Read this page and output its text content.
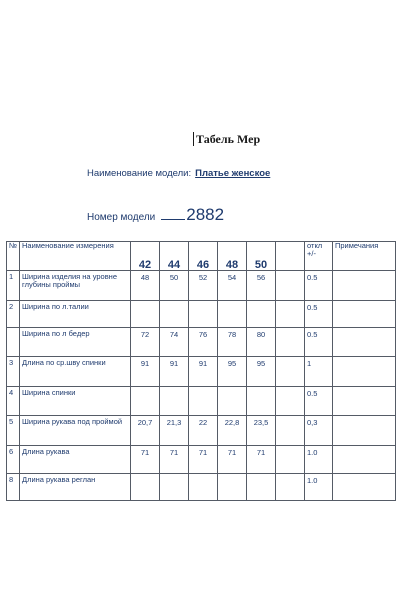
Табель Мер
Наименование модели: Платье женское
Номер модели 2882
№	Наименование измерения	42	44	46	48	50		откл +/-	Примечания
1	Ширина изделия на уровне глубины проймы	48	50	52	54	56		0.5	
2	Ширина по л.талии							0.5	
	Ширина по л бедер	72	74	76	78	80		0.5	
3	Длина по ср.шву спинки	91	91	91	95	95		1	
4	Ширина спинки							0.5	
5	Ширина рукава под проймой	20,7	21,3	22	22,8	23,5		0,3	
6	Длина рукава	71	71	71	71	71		1.0	
8	Длина рукава реглан							1.0	
